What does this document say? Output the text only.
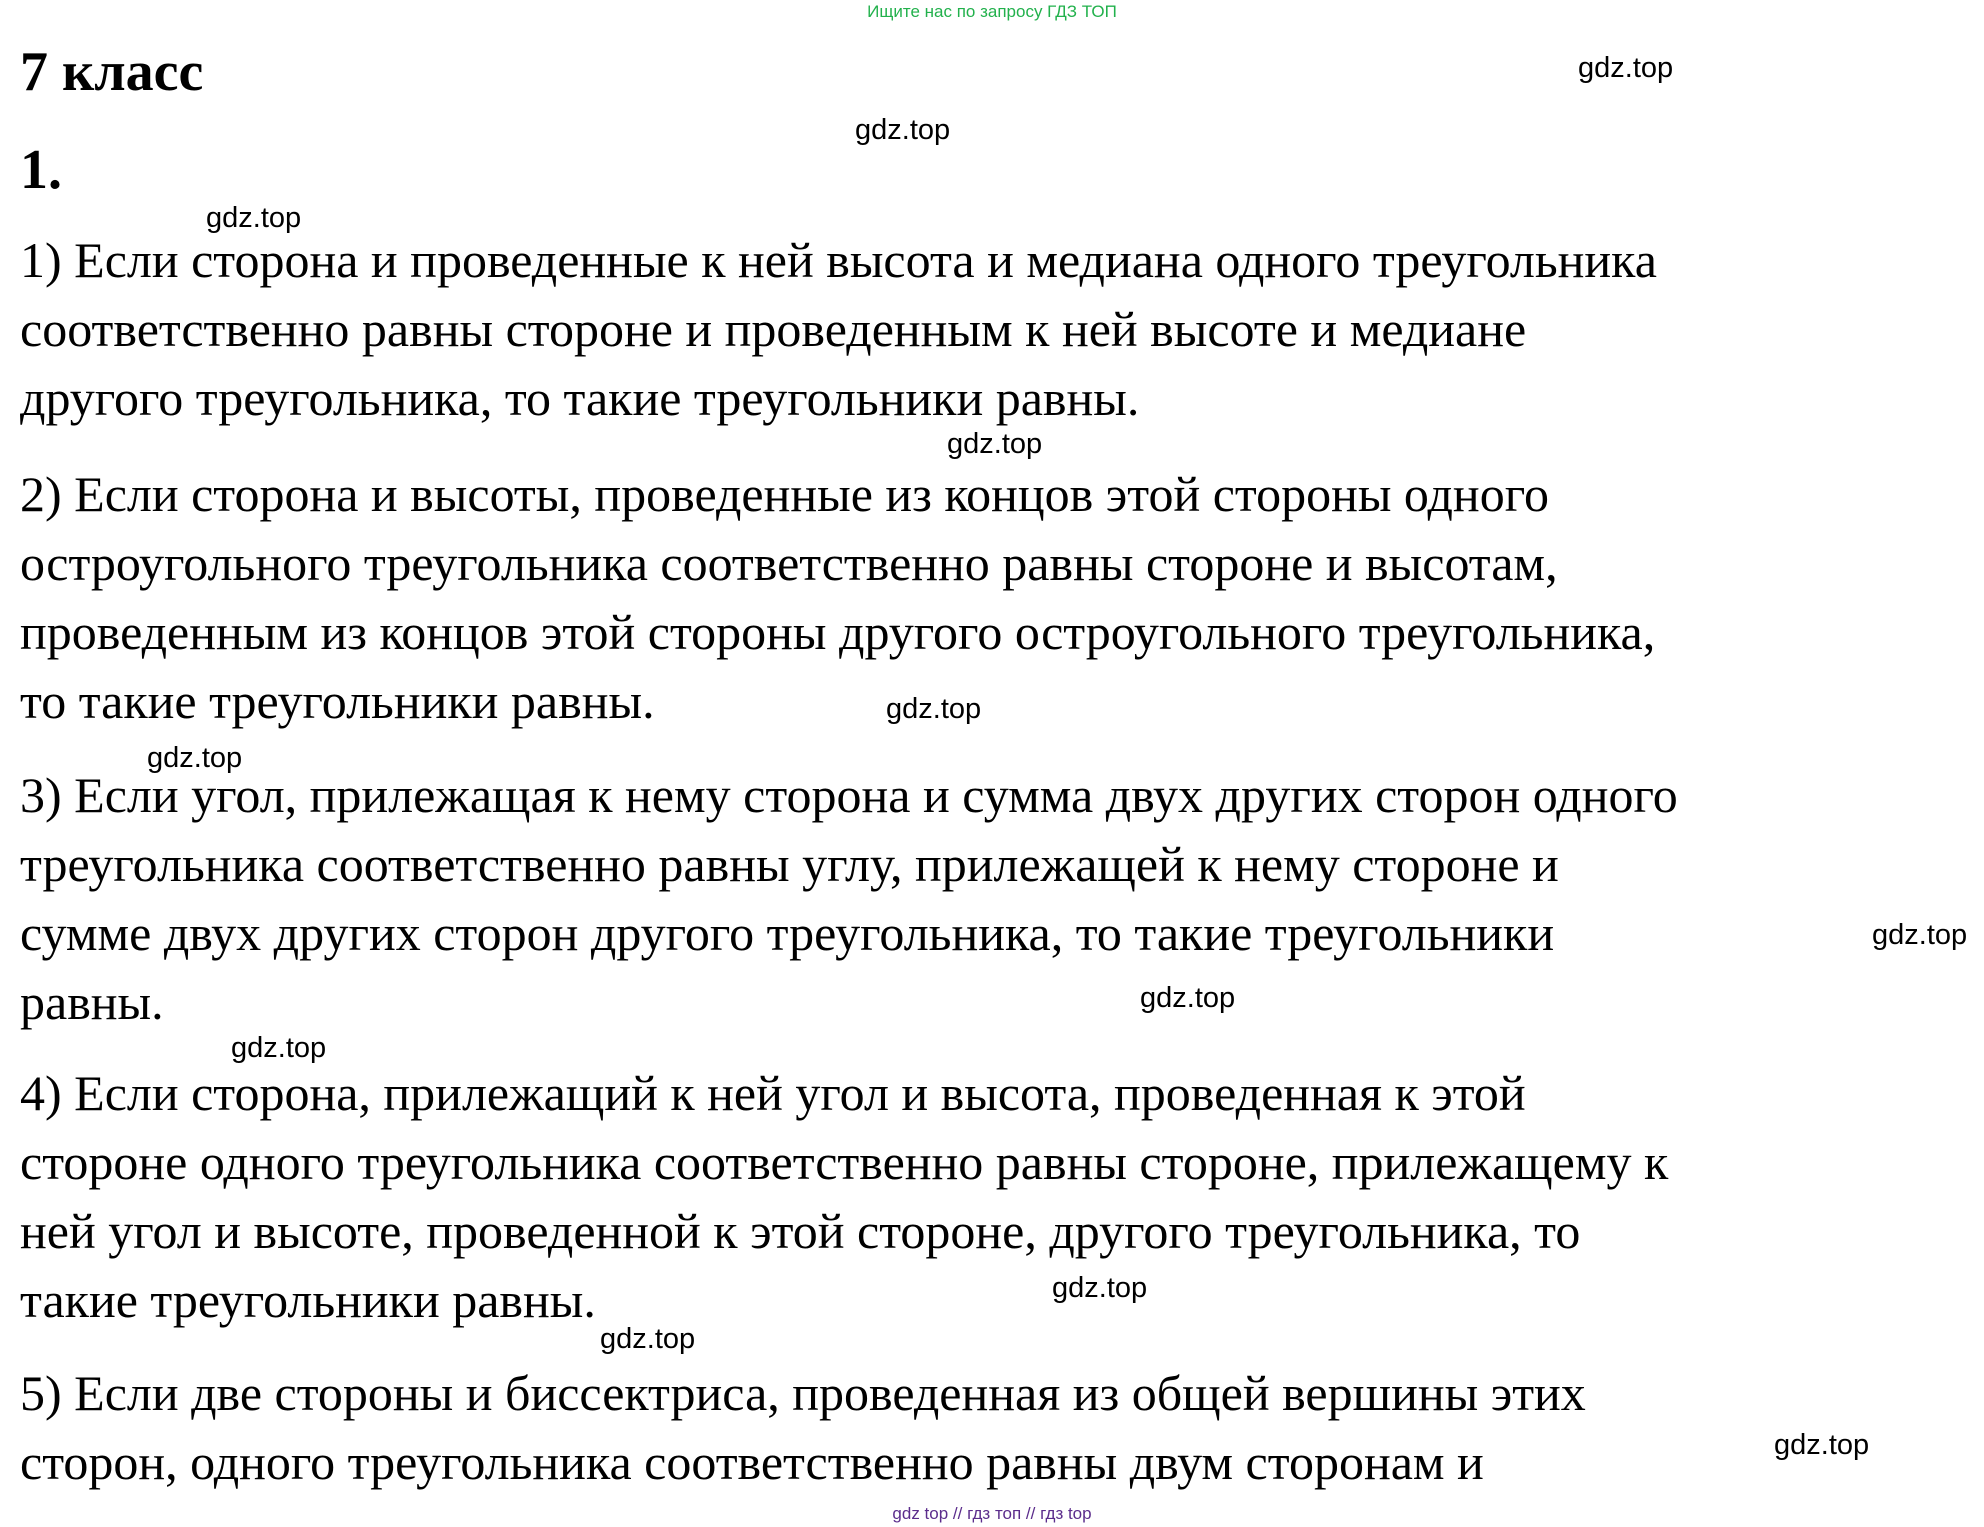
Ищите нас по запросу ГДЗ ТОП
7 класс
1.
1) Если сторона и проведенные к ней высота и медиана одного треугольника
соответственно равны стороне и проведенным к ней высоте и медиане
другого треугольника, то такие треугольники равны.
2) Если сторона и высоты, проведенные из концов этой стороны одного
остроугольного треугольника соответственно равны стороне и высотам,
проведенным из концов этой стороны другого остроугольного треугольника,
то такие треугольники равны.
3) Если угол, прилежащая к нему сторона и сумма двух других сторон одного
треугольника соответственно равны углу, прилежащей к нему стороне и
сумме двух других сторон другого треугольника, то такие треугольники
равны.
4) Если сторона, прилежащий к ней угол и высота, проведенная к этой
стороне одного треугольника соответственно равны стороне, прилежащему к
ней угол и высоте, проведенной к этой стороне, другого треугольника, то
такие треугольники равны.
5) Если две стороны и биссектриса, проведенная из общей вершины этих
сторон, одного треугольника соответственно равны двум сторонам и
gdz.top
gdz.top
gdz.top
gdz.top
gdz.top
gdz.top
gdz.top
gdz.top
gdz.top
gdz.top
gdz.top
gdz.top
gdz top // гдз топ // гдз top
